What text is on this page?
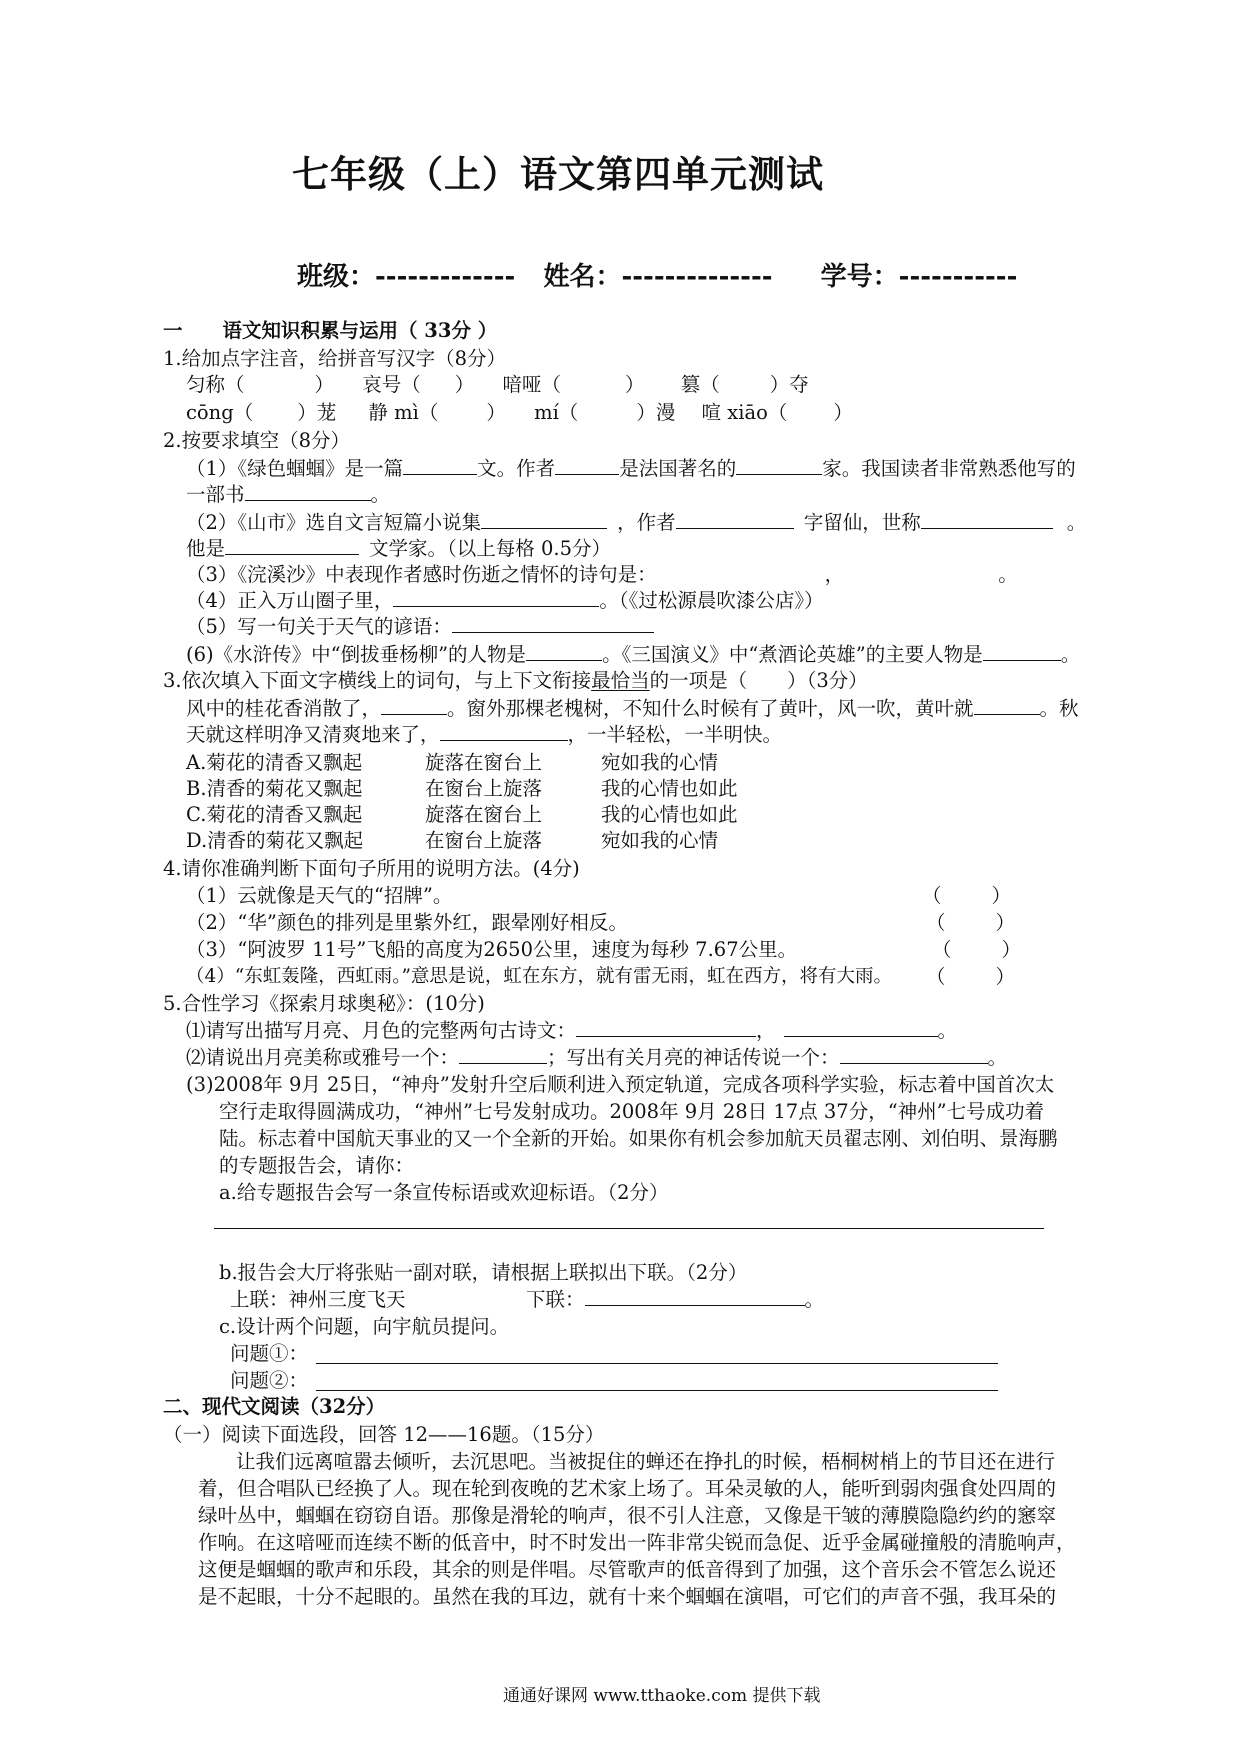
七年级（上）语文第四单元测试
班级：------------- 姓名：-------------- 学号：-----------
一 语文知识积累与运用（ 33分 ）
1.给加点字注音，给拼音写汉字（8分）
匀称（	） 哀号（ ） 喑哑（	） 篡（	）夺
cōng（ ）茏 静 mì（ ） mí（	）漫 喧 xiāo（ ）
2.按要求填空（8分）
（1）《绿色蝈蝈》是一篇	文。作者	是法国著名的	家。我国读者非常熟悉他写的
一部书	。
（2）《山市》选自文言短篇小说集	，作者	字留仙，世称	。
他是	文学家。（以上每格 0.5分）
（3）《浣溪沙》中表现作者感时伤逝之情怀的诗句是：	，	。
（4）正入万山圈子里，	。（《过松源晨吹漆公店》）
（5）写一句关于天气的谚语：
(6)《水浒传》中“倒拔垂杨柳”的人物是	。《三国演义》中“煮酒论英雄”的主要人物是	。
3.依次填入下面文字横线上的词句，与上下文衔接最恰当的一项是（ ）（3分）
风中的桂花香消散了，	。窗外那棵老槐树，不知什么时候有了黄叶，风一吹，黄叶就	。秋
天就这样明净又清爽地来了，	，一半轻松，一半明快。
A.菊花的清香又飘起	旋落在窗台上	宛如我的心情
B.清香的菊花又飘起	在窗台上旋落	我的心情也如此
C.菊花的清香又飘起	旋落在窗台上	我的心情也如此
D.清香的菊花又飘起	在窗台上旋落	宛如我的心情
4.请你准确判断下面句子所用的说明方法。(4分)
（1）云就像是天气的“招牌”。	（	）
（2）“华”颜色的排列是里紫外红，跟晕刚好相反。	（	）
（3）“阿波罗 11号”飞船的高度为2650公里，速度为每秒 7.67公里。	（	）
（4）“东虹轰隆，西虹雨。”意思是说，虹在东方，就有雷无雨，虹在西方，将有大雨。 （	）
5.合性学习《探索月球奥秘》：(10分)
⑴请写出描写月亮、月色的完整两句古诗文：	，	。
⑵请说出月亮美称或雅号一个：	；写出有关月亮的神话传说一个：	。
(3)2008年 9月 25日，“神舟”发射升空后顺利进入预定轨道，完成各项科学实验，标志着中国首次太
空行走取得圆满成功，“神州”七号发射成功。2008年 9月 28日 17点 37分，“神州”七号成功着
陆。标志着中国航天事业的又一个全新的开始。如果你有机会参加航天员翟志刚、刘伯明、景海鹏
的专题报告会，请你：
a.给专题报告会写一条宣传标语或欢迎标语。（2分）
b.报告会大厅将张贴一副对联，请根据上联拟出下联。（2分）
上联：神州三度飞天	下联：	。
c.设计两个问题，向宇航员提问。
问题①：
问题②：
二、现代文阅读（32分）
（一）阅读下面选段，回答 12——16题。（15分）
让我们远离喧嚣去倾听，去沉思吧。当被捉住的蝉还在挣扎的时候，梧桐树梢上的节目还在进行
着，但合唱队已经换了人。现在轮到夜晚的艺术家上场了。耳朵灵敏的人，能听到弱肉强食处四周的
绿叶丛中，蝈蝈在窃窃自语。那像是滑轮的响声，很不引人注意，又像是干皱的薄膜隐隐约约的窸窣
作响。在这喑哑而连续不断的低音中，时不时发出一阵非常尖锐而急促、近乎金属碰撞般的清脆响声，
这便是蝈蝈的歌声和乐段，其余的则是伴唱。尽管歌声的低音得到了加强，这个音乐会不管怎么说还
是不起眼，十分不起眼的。虽然在我的耳边，就有十来个蝈蝈在演唱，可它们的声音不强，我耳朵的
通通好课网 www.tthaoke.com 提供下载
